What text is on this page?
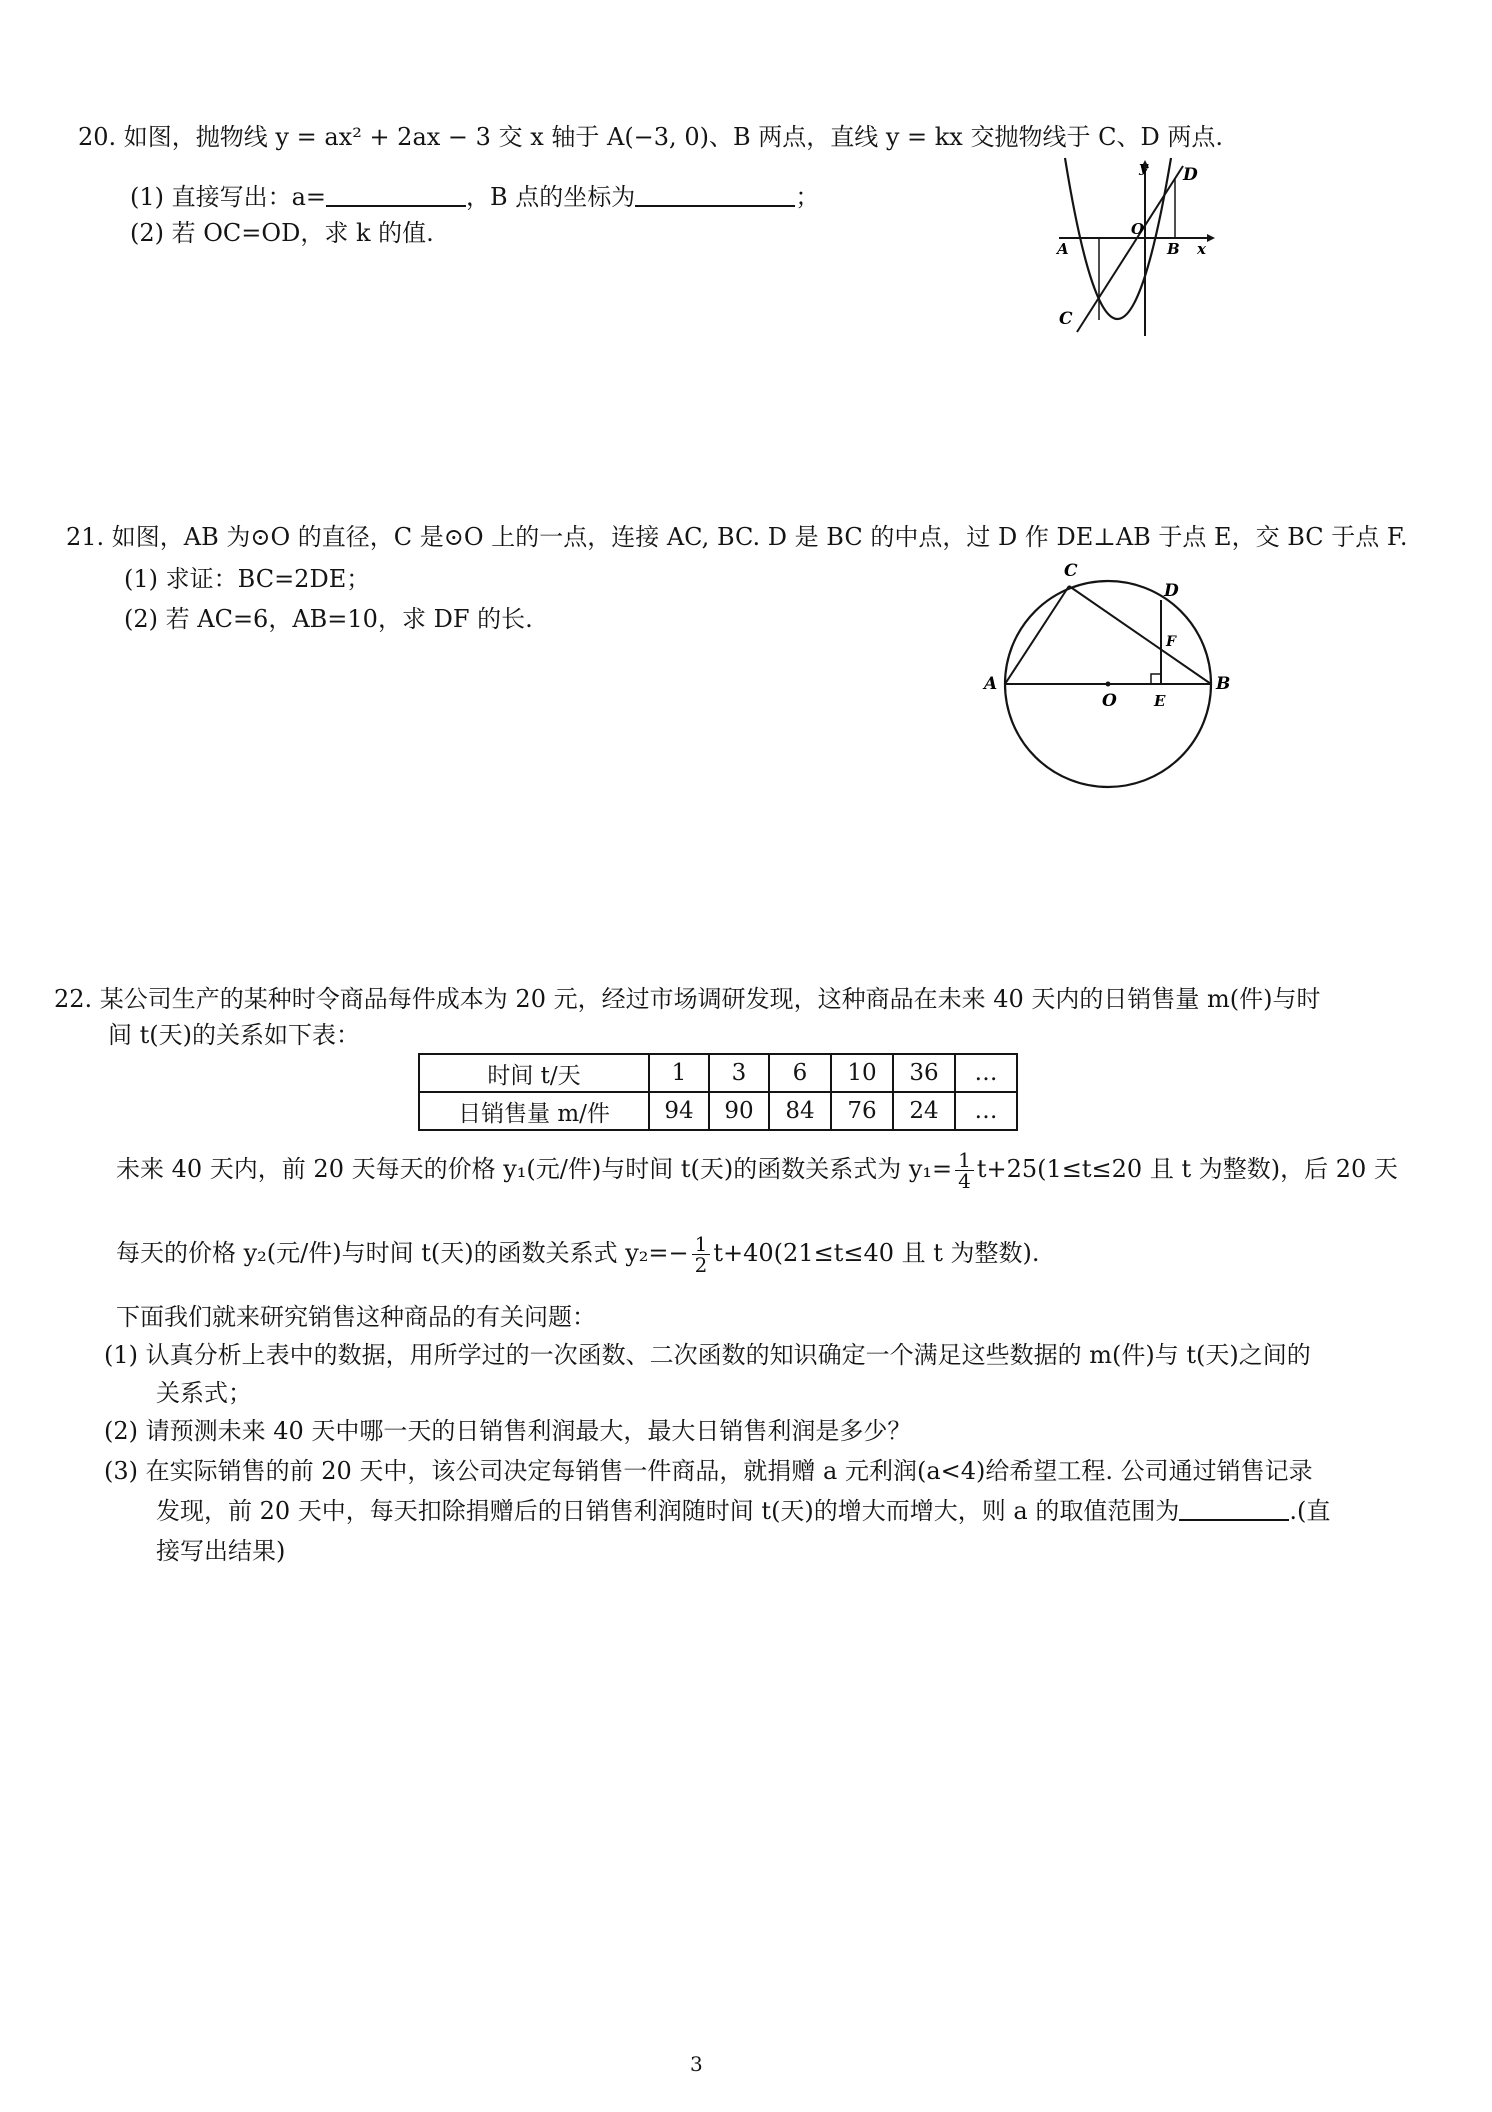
20. 如图，抛物线 y = ax² + 2ax − 3 交 x 轴于 A(−3, 0)、B 两点，直线 y = kx 交抛物线于 C、D 两点.
(1) 直接写出：a=	，B 点的坐标为	；
(2) 若 OC=OD，求 k 的值.
y D
O
A	B x
C
21. 如图，AB 为⊙O 的直径，C 是⊙O 上的一点，连接 AC, BC. D 是 BC 的中点，过 D 作 DE⊥AB 于点 E，交 BC 于点 F.
(1) 求证：BC=2DE；
(2) 若 AC=6，AB=10，求 DF 的长.
C
D
F
A
O E
B
22. 某公司生产的某种时令商品每件成本为 20 元，经过市场调研发现，这种商品在未来 40 天内的日销售量 m(件)与时
间 t(天)的关系如下表：
时间 t/天	1	3	6	10	36	…
日销售量 m/件	94	90	84	76	24	…
未来 40 天内，前 20 天每天的价格 y₁(元/件)与时间 t(天)的函数关系式为 $y_1= \frac{1}{4} t+25(1\le t\le 20$ 且 t 为整数)，后 20 天
每天的价格 y₂(元/件)与时间 t(天)的函数关系式 $y_2=- \frac{1}{2} t+40(21\le t\le 40$ 且 t 为整数).
下面我们就来研究销售这种商品的有关问题：
(1) 认真分析上表中的数据，用所学过的一次函数、二次函数的知识确定一个满足这些数据的 m(件)与 t(天)之间的
关系式；
(2) 请预测未来 40 天中哪一天的日销售利润最大，最大日销售利润是多少？
(3) 在实际销售的前 20 天中，该公司决定每销售一件商品，就捐赠 a 元利润(a<4)给希望工程. 公司通过销售记录
发现，前 20 天中，每天扣除捐赠后的日销售利润随时间 t(天)的增大而增大，则 a 的取值范围为	.(直
接写出结果)
3
